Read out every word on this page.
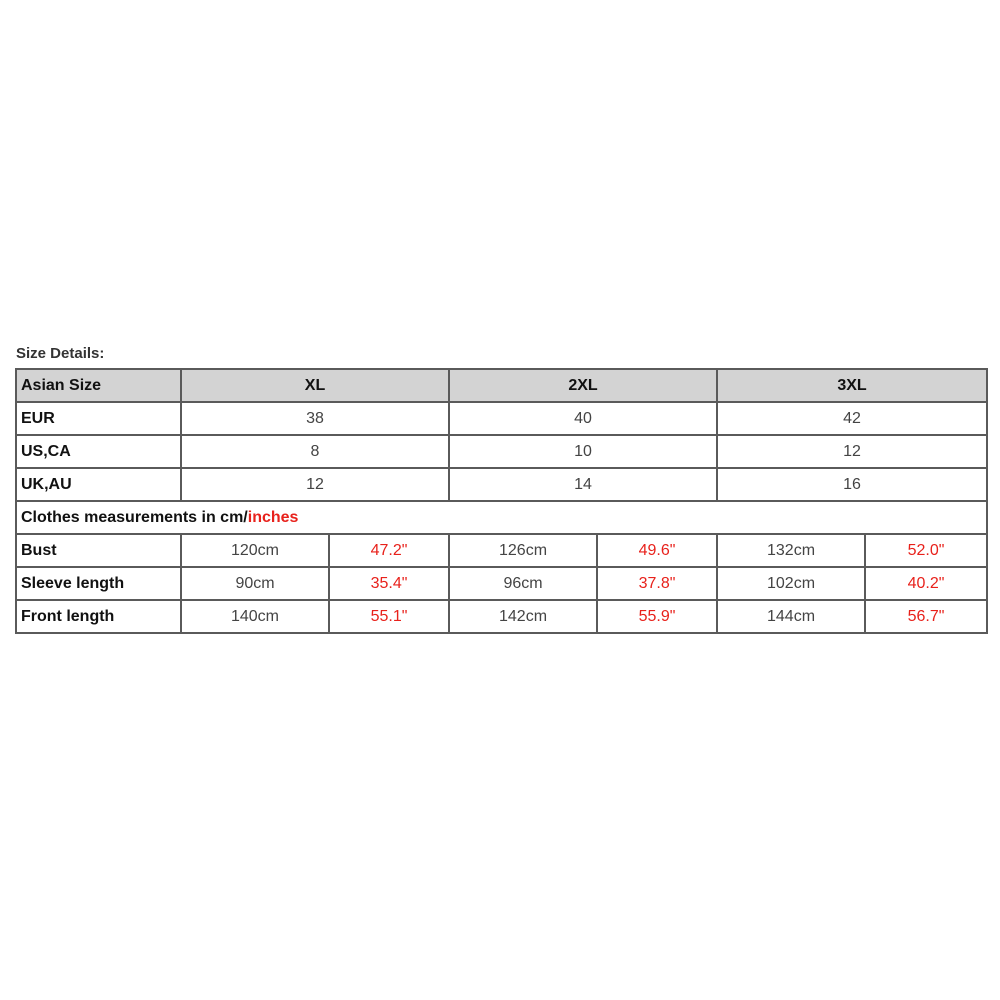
Size Details:
Asian Size	XL		2XL		3XL	
EUR	38		40		42	
US,CA	8		10		12	
UK,AU	12		14		16	
Clothes measurements in cm/inches						
Bust	120cm	47.2"	126cm	49.6"	132cm	52.0"
Sleeve length	90cm	35.4"	96cm	37.8"	102cm	40.2"
Front length	140cm	55.1"	142cm	55.9"	144cm	56.7"
